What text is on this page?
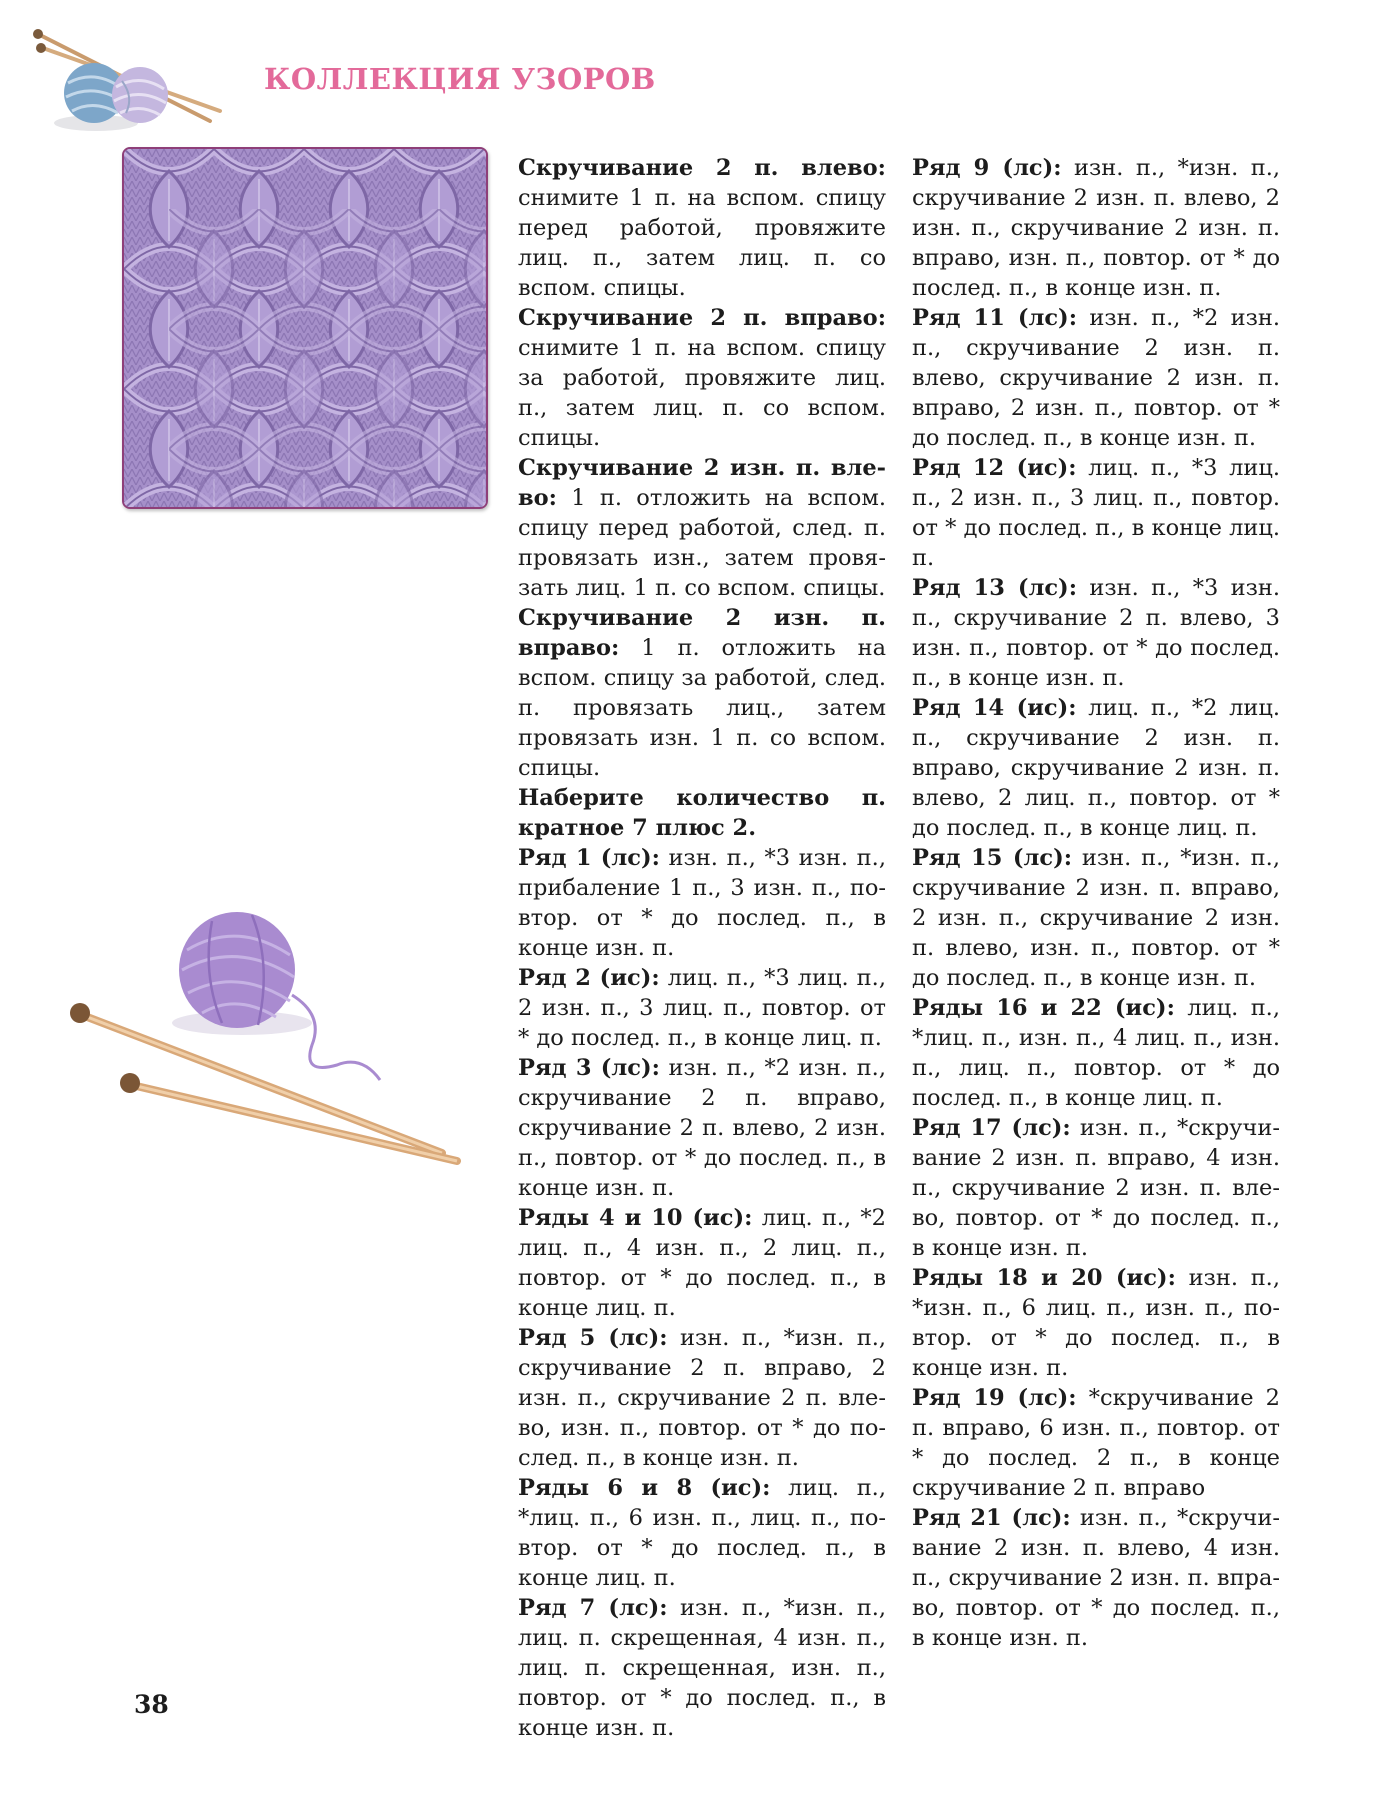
КОЛЛЕКЦИЯ УЗОРОВ

Скручивание 2 п. влево: снимите 1 п. на вспом. спицу перед работой, провяжите лиц. п., затем лиц. п. со вспом. спицы.

Скручивание 2 п. вправо: снимите 1 п. на вспом. спицу за работой, провяжите лиц. п., затем лиц. п. со вспом. спицы.

Скручивание 2 изн. п. влево: 1 п. отложить на вспом. спицу перед работой, след. п. провязать изн., затем провязать лиц. 1 п. со вспом. спицы.

Скручивание 2 изн. п. вправо: 1 п. отложить на вспом. спицу за работой, след. п. провязать лиц., затем провязать изн. 1 п. со вспом. спицы.

Наберите количество п. кратное 7 плюс 2.

Ряд 1 (лс): изн. п., *3 изн. п., прибаление 1 п., 3 изн. п., повтор. от * до послед. п., в конце изн. п.

Ряд 2 (ис): лиц. п., *3 лиц. п., 2 изн. п., 3 лиц. п., повтор. от * до послед. п., в конце лиц. п.

Ряд 3 (лс): изн. п., *2 изн. п., скручивание 2 п. вправо, скручивание 2 п. влево, 2 изн. п., повтор. от * до послед. п., в конце изн. п.

Ряды 4 и 10 (ис): лиц. п., *2 лиц. п., 4 изн. п., 2 лиц. п., повтор. от * до послед. п., в конце лиц. п.

Ряд 5 (лс): изн. п., *изн. п., скручивание 2 п. вправо, 2 изн. п., скручивание 2 п. влево, изн. п., повтор. от * до послед. п., в конце изн. п.

Ряды 6 и 8 (ис): лиц. п., *лиц. п., 6 изн. п., лиц. п., повтор. от * до послед. п., в конце лиц. п.

Ряд 7 (лс): изн. п., *изн. п., лиц. п. скрещенная, 4 изн. п., лиц. п. скрещенная, изн. п., повтор. от * до послед. п., в конце изн. п.

Ряд 9 (лс): изн. п., *изн. п., скручивание 2 изн. п. влево, 2 изн. п., скручивание 2 изн. п. вправо, изн. п., повтор. от * до послед. п., в конце изн. п.

Ряд 11 (лс): изн. п., *2 изн. п., скручивание 2 изн. п. влево, скручивание 2 изн. п. вправо, 2 изн. п., повтор. от * до послед. п., в конце изн. п.

Ряд 12 (ис): лиц. п., *3 лиц. п., 2 изн. п., 3 лиц. п., повтор. от * до послед. п., в конце лиц. п.

Ряд 13 (лс): изн. п., *3 изн. п., скручивание 2 п. влево, 3 изн. п., повтор. от * до послед. п., в конце изн. п.

Ряд 14 (ис): лиц. п., *2 лиц. п., скручивание 2 изн. п. вправо, скручивание 2 изн. п. влево, 2 лиц. п., повтор. от * до послед. п., в конце лиц. п.

Ряд 15 (лс): изн. п., *изн. п., скручивание 2 изн. п. вправо, 2 изн. п., скручивание 2 изн. п. влево, изн. п., повтор. от * до послед. п., в конце изн. п.

Ряды 16 и 22 (ис): лиц. п., *лиц. п., изн. п., 4 лиц. п., изн. п., лиц. п., повтор. от * до послед. п., в конце лиц. п.

Ряд 17 (лс): изн. п., *скручивание 2 изн. п. вправо, 4 изн. п., скручивание 2 изн. п. влево, повтор. от * до послед. п., в конце изн. п.

Ряды 18 и 20 (ис): изн. п., *изн. п., 6 лиц. п., изн. п., повтор. от * до послед. п., в конце изн. п.

Ряд 19 (лс): *скручивание 2 п. вправо, 6 изн. п., повтор. от * до послед. 2 п., в конце скручивание 2 п. вправо

Ряд 21 (лс): изн. п., *скручивание 2 изн. п. влево, 4 изн. п., скручивание 2 изн. п. вправо, повтор. от * до послед. п., в конце изн. п.

38
